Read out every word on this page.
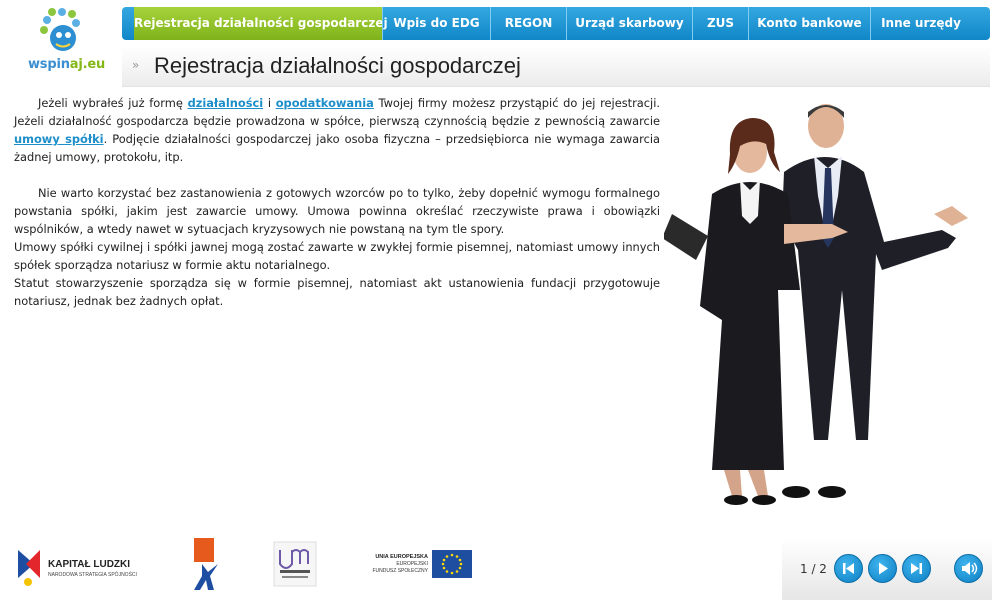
wspinaj.eu
Rejestracja działalności gospodarczej Wpis do EDG	REGON	Urząd skarbowy	ZUS	Konto bankowe	Inne urzędy
» Rejestracja działalności gospodarczej

Jeżeli wybrałeś już formę działalności i opodatkowania Twojej firmy możesz przystąpić do jej rejestracji. Jeżeli działalność gospodarcza będzie prowadzona w spółce, pierwszą czynnością będzie z pewnością zawarcie umowy spółki. Podjęcie działalności gospodarczej jako osoba fizyczna – przedsiębiorca nie wymaga zawarcia żadnej umowy, protokołu, itp.

Nie warto korzystać bez zastanowienia z gotowych wzorców po to tylko, żeby dopełnić wymogu formalnego powstania spółki, jakim jest zawarcie umowy. Umowa powinna określać rzeczywiste prawa i obowiązki wspólników, a wtedy nawet w sytuacjach kryzysowych nie powstaną na tym tle spory.

Umowy spółki cywilnej i spółki jawnej mogą zostać zawarte w zwykłej formie pisemnej, natomiast umowy innych spółek sporządza notariusz w formie aktu notarialnego.

Statut stowarzyszenie sporządza się w formie pisemnej, natomiast akt ustanowienia fundacji przygotowuje notariusz, jednak bez żadnych opłat.

KAPITAŁ LUDZKI
NARODOWA STRATEGIA SPÓJNOŚCI
UNIA EUROPEJSKA
EUROPEJSKI
FUNDUSZ SPOŁECZNY	1 / 2
